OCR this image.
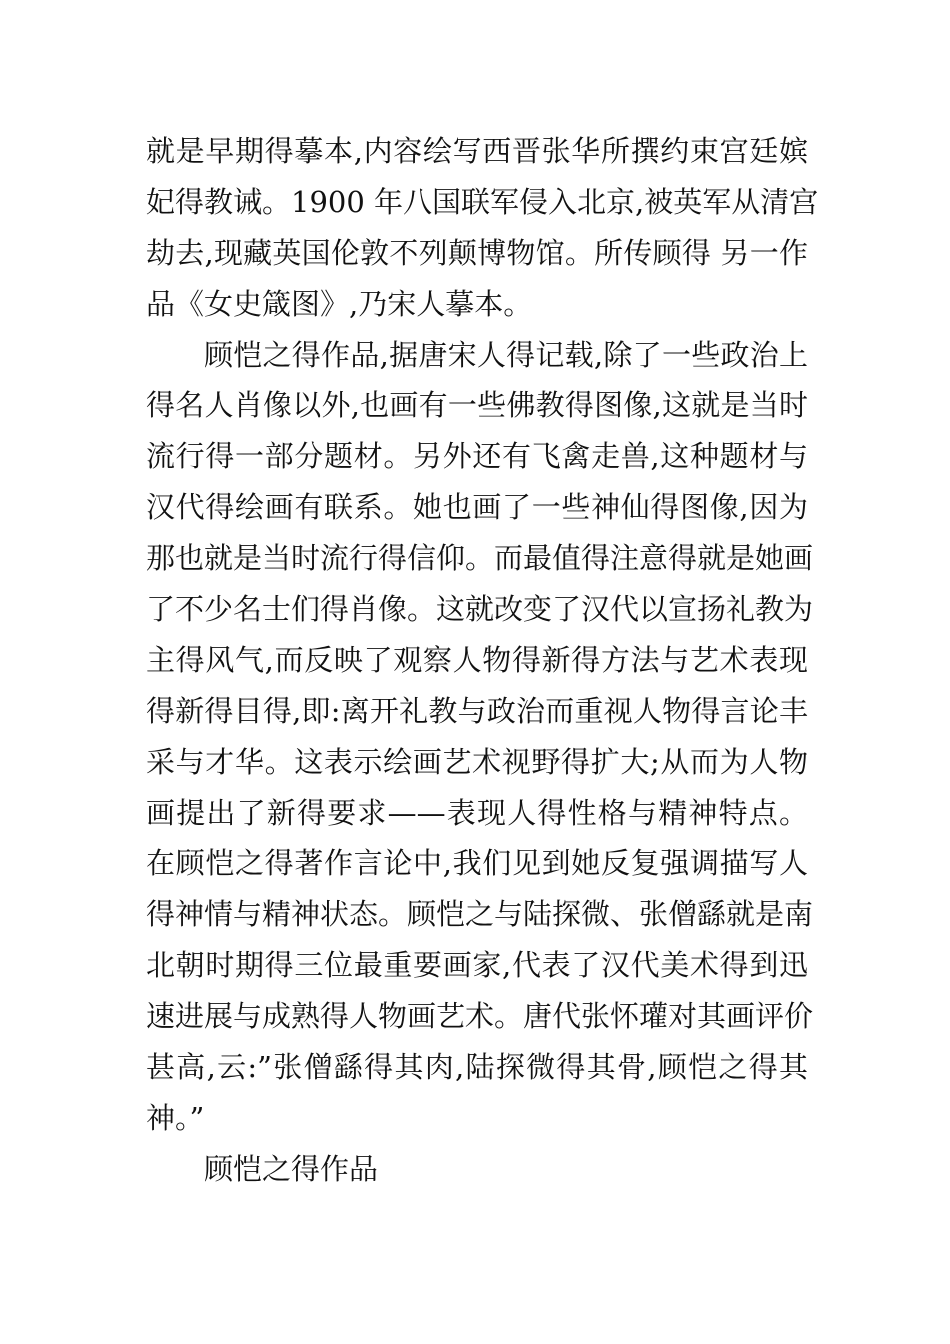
就是早期得摹本,内容绘写西晋张华所撰约束宫廷嫔
妃得教诫。1900 年八国联军侵入北京,被英军从清宫
劫去,现藏英国伦敦不列颠博物馆。所传顾得 另一作
品《女史箴图》,乃宋人摹本。
顾恺之得作品,据唐宋人得记载,除了一些政治上
得名人肖像以外,也画有一些佛教得图像,这就是当时
流行得一部分题材。另外还有飞禽走兽,这种题材与
汉代得绘画有联系。她也画了一些神仙得图像,因为
那也就是当时流行得信仰。而最值得注意得就是她画
了不少名士们得肖像。这就改变了汉代以宣扬礼教为
主得风气,而反映了观察人物得新得方法与艺术表现
得新得目得,即:离开礼教与政治而重视人物得言论丰
采与才华。这表示绘画艺术视野得扩大;从而为人物
画提出了新得要求——表现人得性格与精神特点。
在顾恺之得著作言论中,我们见到她反复强调描写人
得神情与精神状态。顾恺之与陆探微、张僧繇就是南
北朝时期得三位最重要画家,代表了汉代美术得到迅
速进展与成熟得人物画艺术。唐代张怀瓘对其画评价
甚高,云:”张僧繇得其肉,陆探微得其骨,顾恺之得其
神。”
顾恺之得作品
